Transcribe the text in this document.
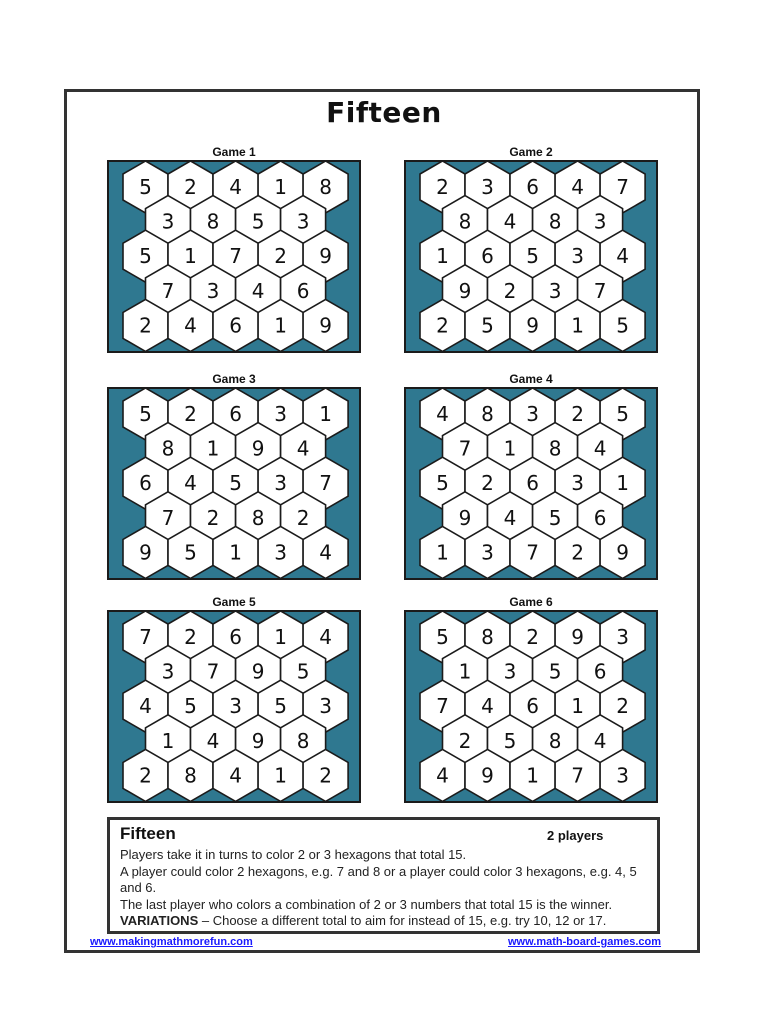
Fifteen
Game 1	Game 2
Game 3	Game 4
Game 5	Game 6
5 2 4 1 8
3 8 5 3
5 1 7 2 9
7 3 4 6
2 4 6 1 9
2 3 6 4 7
8 4 8 3
1 6 5 3 4
9 2 3 7
2 5 9 1 5
5 2 6 3 1
8 1 9 4
6 4 5 3 7
7 2 8 2
9 5 1 3 4
4 8 3 2 5
7 1 8 4
5 2 6 3 1
9 4 5 6
1 3 7 2 9
7 2 6 1 4
3 7 9 5
4 5 3 5 3
1 4 9 8
2 8 4 1 2
5 8 2 9 3
1 3 5 6
7 4 6 1 2
2 5 8 4
4 9 1 7 3
Fifteen	2 players

Players take it in turns to color 2 or 3 hexagons that total 15.

A player could color 2 hexagons, e.g. 7 and 8 or a player could color 3 hexagons, e.g. 4, 5 and 6.

The last player who colors a combination of 2 or 3 numbers that total 15 is the winner.

VARIATIONS – Choose a different total to aim for instead of 15, e.g. try 10, 12 or 17.

www.makingmathmorefun.com	www.math-board-games.com
